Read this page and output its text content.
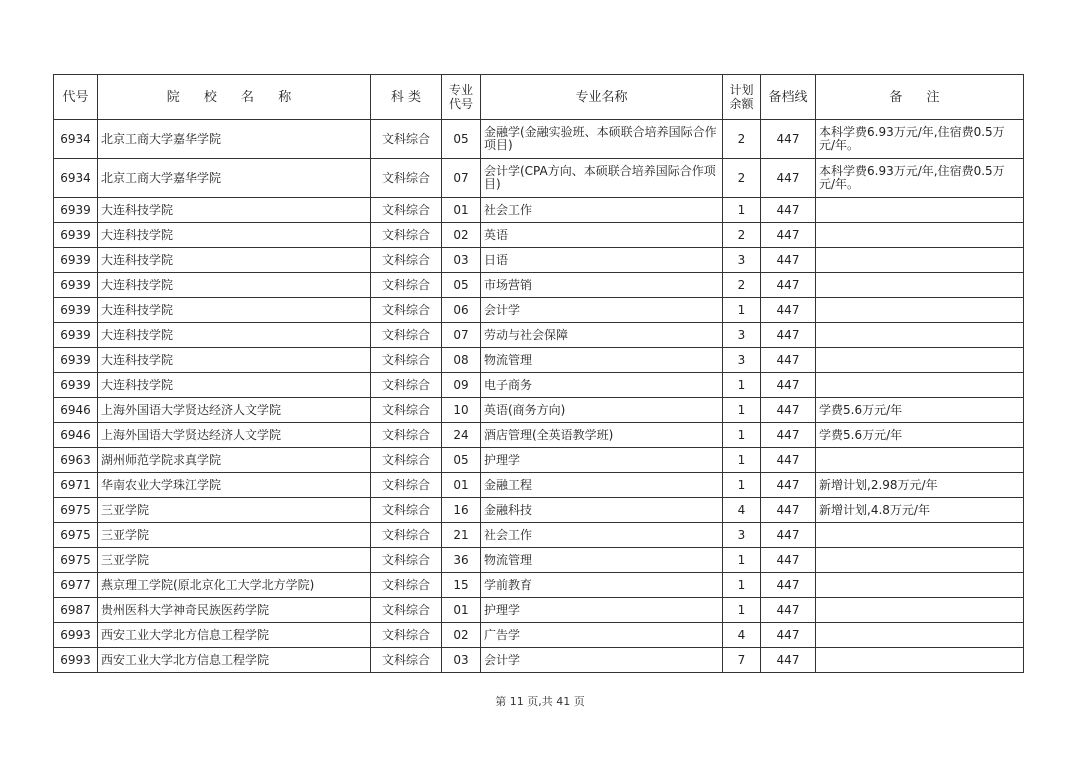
代号	院 校 名 称	科 类	专业代号	专业名称	计划余额	备档线	备 注
6934	北京工商大学嘉华学院	文科综合	05	金融学(金融实验班、本硕联合培养国际合作项目)	2	447	本科学费6.93万元/年,住宿费0.5万元/年。
6934	北京工商大学嘉华学院	文科综合	07	会计学(CPA方向、本硕联合培养国际合作项目)	2	447	本科学费6.93万元/年,住宿费0.5万元/年。
6939	大连科技学院	文科综合	01	社会工作	1	447	
6939	大连科技学院	文科综合	02	英语	2	447	
6939	大连科技学院	文科综合	03	日语	3	447	
6939	大连科技学院	文科综合	05	市场营销	2	447	
6939	大连科技学院	文科综合	06	会计学	1	447	
6939	大连科技学院	文科综合	07	劳动与社会保障	3	447	
6939	大连科技学院	文科综合	08	物流管理	3	447	
6939	大连科技学院	文科综合	09	电子商务	1	447	
6946	上海外国语大学贤达经济人文学院	文科综合	10	英语(商务方向)	1	447	学费5.6万元/年
6946	上海外国语大学贤达经济人文学院	文科综合	24	酒店管理(全英语教学班)	1	447	学费5.6万元/年
6963	湖州师范学院求真学院	文科综合	05	护理学	1	447	
6971	华南农业大学珠江学院	文科综合	01	金融工程	1	447	新增计划,2.98万元/年
6975	三亚学院	文科综合	16	金融科技	4	447	新增计划,4.8万元/年
6975	三亚学院	文科综合	21	社会工作	3	447	
6975	三亚学院	文科综合	36	物流管理	1	447	
6977	燕京理工学院(原北京化工大学北方学院)	文科综合	15	学前教育	1	447	
6987	贵州医科大学神奇民族医药学院	文科综合	01	护理学	1	447	
6993	西安工业大学北方信息工程学院	文科综合	02	广告学	4	447	
6993	西安工业大学北方信息工程学院	文科综合	03	会计学	7	447	
第 11 页,共 41 页
